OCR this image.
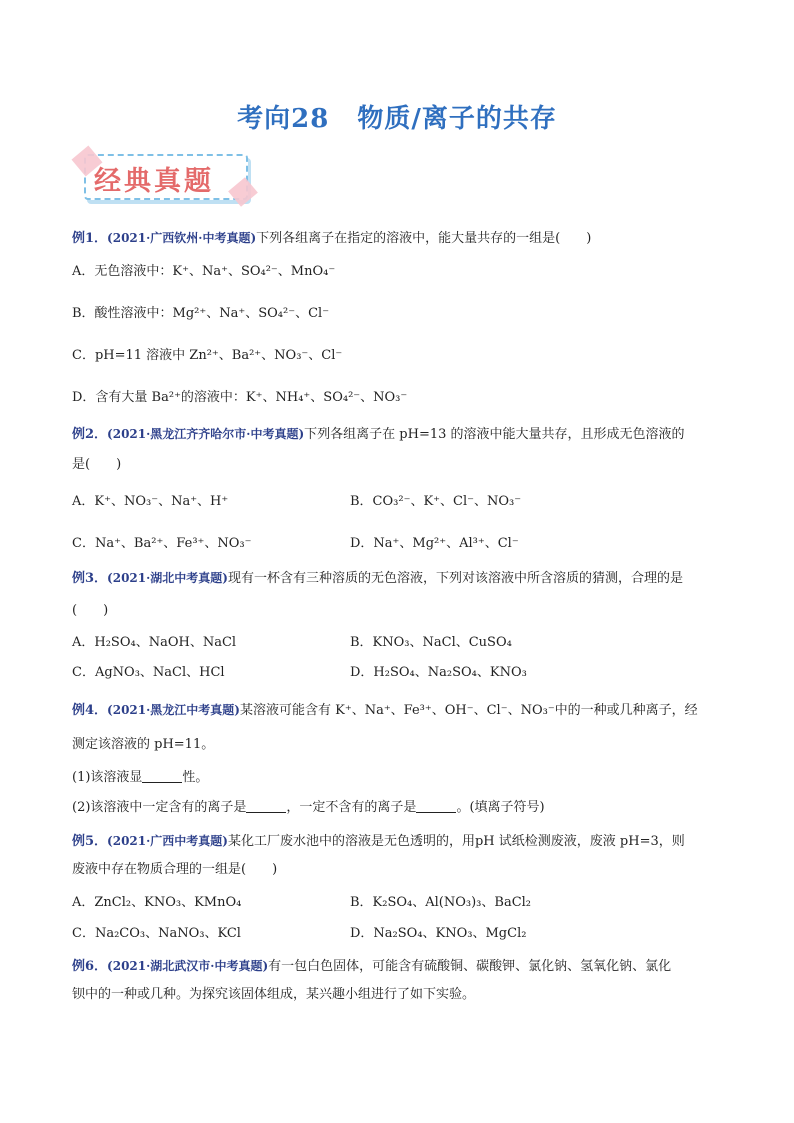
考向28 物质/离子的共存
经典真题
例1．(2021·广西钦州·中考真题)下列各组离子在指定的溶液中，能大量共存的一组是(　　)
A．无色溶液中：K⁺、Na⁺、SO₄²⁻、MnO₄⁻
B．酸性溶液中：Mg²⁺、Na⁺、SO₄²⁻、Cl⁻
C．pH=11 溶液中 Zn²⁺、Ba²⁺、NO₃⁻、Cl⁻
D．含有大量 Ba²⁺的溶液中：K⁺、NH₄⁺、SO₄²⁻、NO₃⁻
例2．(2021·黑龙江齐齐哈尔市·中考真题)下列各组离子在 pH=13 的溶液中能大量共存，且形成无色溶液的
是(　　)
A．K⁺、NO₃⁻、Na⁺、H⁺	B．CO₃²⁻、K⁺、Cl⁻、NO₃⁻
C．Na⁺、Ba²⁺、Fe³⁺、NO₃⁻	D．Na⁺、Mg²⁺、Al³⁺、Cl⁻
例3．(2021·湖北中考真题)现有一杯含有三种溶质的无色溶液，下列对该溶液中所含溶质的猜测，合理的是
(　　)
A．H₂SO₄、NaOH、NaCl	B．KNO₃、NaCl、CuSO₄
C．AgNO₃、NaCl、HCl	D．H₂SO₄、Na₂SO₄、KNO₃
例4．(2021·黑龙江中考真题)某溶液可能含有 K⁺、Na⁺、Fe³⁺、OH⁻、Cl⁻、NO₃⁻中的一种或几种离子，经
测定该溶液的 pH=11。
(1)该溶液显	性。
(2)该溶液中一定含有的离子是	，一定不含有的离子是	。(填离子符号)
例5．(2021·广西中考真题)某化工厂废水池中的溶液是无色透明的，用pH 试纸检测废液，废液 pH=3，则
废液中存在物质合理的一组是(　　)
A．ZnCl₂、KNO₃、KMnO₄	B．K₂SO₄、Al(NO₃)₃、BaCl₂
C．Na₂CO₃、NaNO₃、KCl	D．Na₂SO₄、KNO₃、MgCl₂
例6．(2021·湖北武汉市·中考真题)有一包白色固体，可能含有硫酸铜、碳酸钾、氯化钠、氢氧化钠、氯化
钡中的一种或几种。为探究该固体组成，某兴趣小组进行了如下实验。
